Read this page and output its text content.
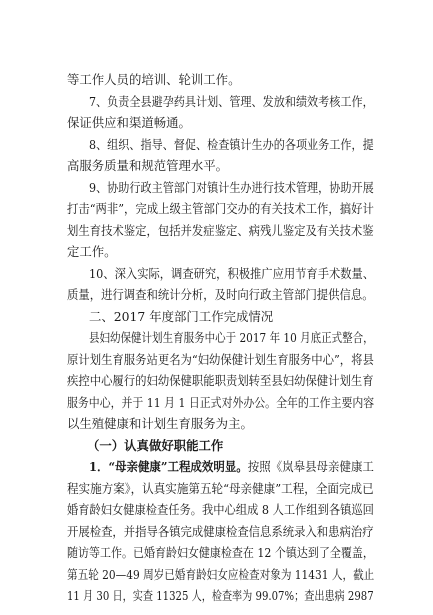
等工作人员的培训、轮训工作。
7、负责全县避孕药具计划、管理、发放和绩效考核工作，
保证供应和渠道畅通。
8、组织、指导、督促、检查镇计生办的各项业务工作，提
高服务质量和规范管理水平。
9、协助行政主管部门对镇计生办进行技术管理，协助开展
打击“两非”，完成上级主管部门交办的有关技术工作，搞好计
划生育技术鉴定，包括并发症鉴定、病残儿鉴定及有关技术鉴
定工作。
10、深入实际，调查研究，积极推广应用节育手术数量、
质量，进行调查和统计分析，及时向行政主管部门提供信息。
二、2017 年度部门工作完成情况
县妇幼保健计划生育服务中心于 2017 年 10 月底正式整合，
原计划生育服务站更名为“妇幼保健计划生育服务中心”，将县
疾控中心履行的妇幼保健职能职责划转至县妇幼保健计划生育
服务中心，并于 11 月 1 日正式对外办公。全年的工作主要内容
以生殖健康和计划生育服务为主。
（一）认真做好职能工作
1．“母亲健康”工程成效明显。按照《岚皋县母亲健康工
程实施方案》，认真实施第五轮“母亲健康”工程，全面完成已
婚育龄妇女健康检查任务。我中心组成 8 人工作组到各镇巡回
开展检查，并指导各镇完成健康检查信息系统录入和患病治疗
随访等工作。已婚育龄妇女健康检查在 12 个镇达到了全覆盖，
第五轮 20—49 周岁已婚育龄妇女应检查对象为 11431 人，截止
11 月 30 日，实查 11325 人，检查率为 99.07%；查出患病 2987
